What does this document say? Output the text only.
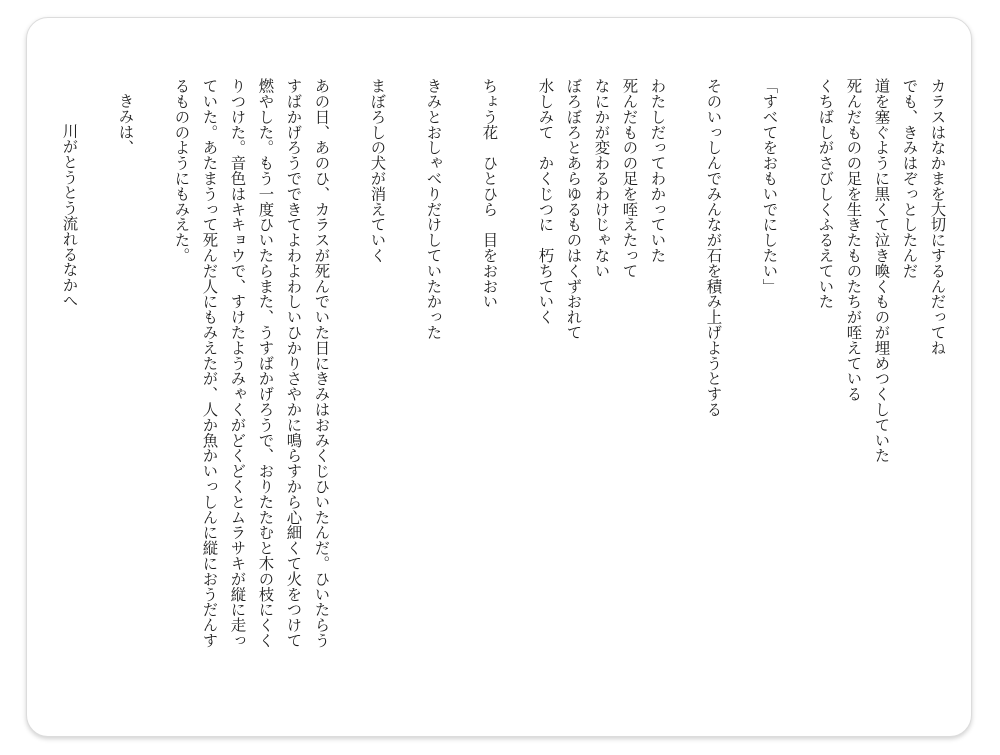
カラスはなかまを大切にするんだってね

でも、きみはぞっとしたんだ

道を塞ぐように黒くて泣き喚くものが埋めつくしていた

死んだものの足を生きたものたちが咥えている

くちばしがさびしくふるえていた

「すべてをおもいでにしたい」

そのいっしんでみんなが石を積み上げようとする

わたしだってわかっていた

死んだものの足を咥えたって

なにかが変わるわけじゃない

ぼろぼろとあらゆるものはくずおれて

水しみて　かくじつに　朽ちていく

ちょう花　ひとひら　目をおおい

きみとおしゃべりだけしていたかった

まぼろしの犬が消えていく

あの日、あのひ、カラスが死んでいた日にきみはおみくじひいたんだ。ひいたらう

すばかげろうでできてよわよわしいひかりさやかに鳴らすから心細くて火をつけて

燃やした。もう一度ひいたらまた、うすばかげろうで、おりたたむと木の枝にくく

りつけた。音色はキキョウで、すけたようみゃくがどくどくとムラサキが縦に走っ

ていた。あたまうって死んだ人にもみえたが、人か魚かいっしんに縦におうだんす

るもののようにもみえた。

きみは、

川がとうとう流れるなかへ
